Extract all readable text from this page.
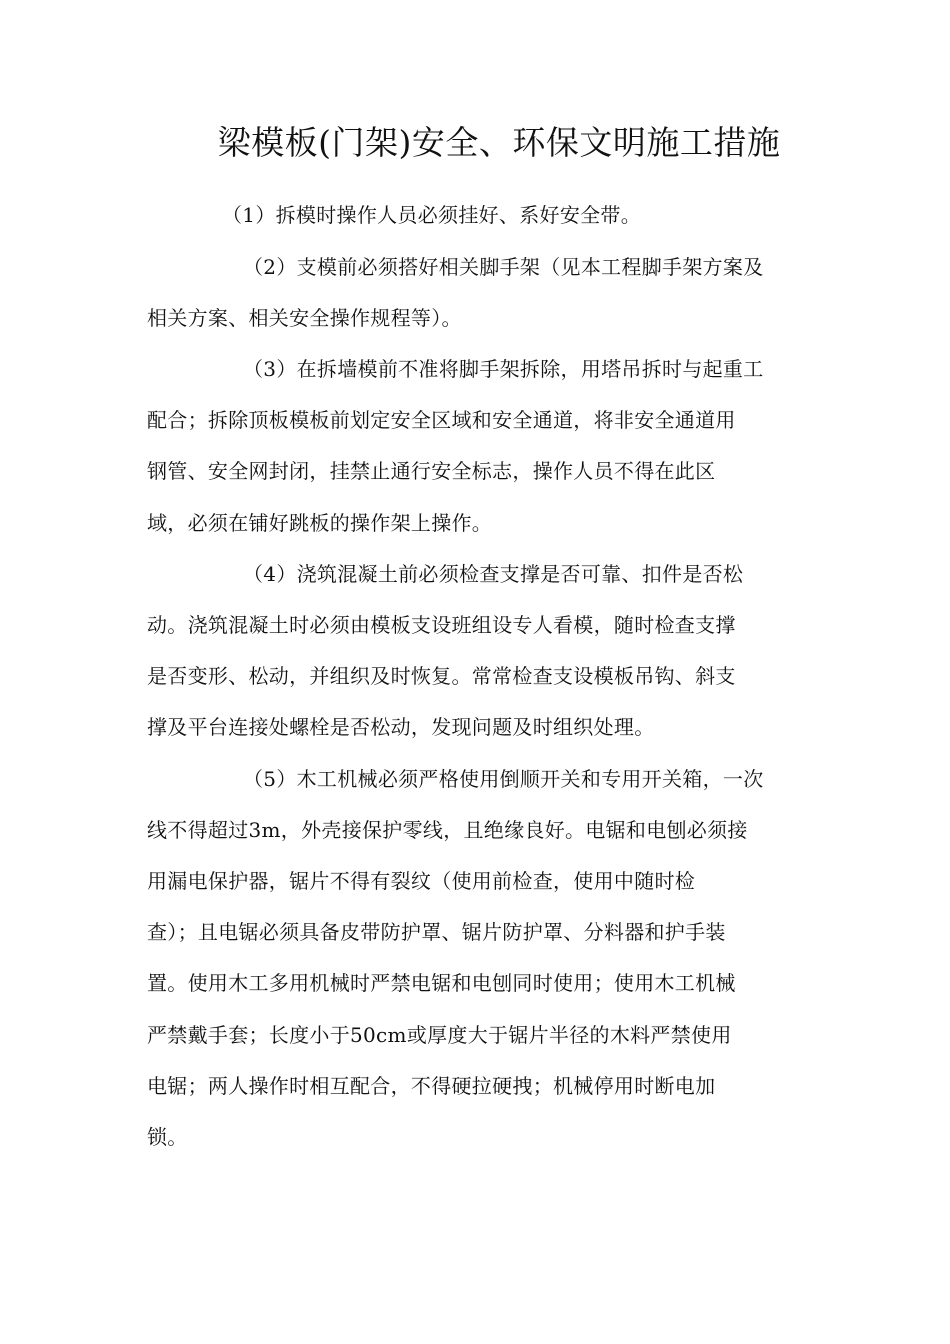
梁模板(门架)安全、环保文明施工措施
（1）拆模时操作人员必须挂好、系好安全带。
（2）支模前必须搭好相关脚手架（见本工程脚手架方案及
相关方案、相关安全操作规程等）。
（3）在拆墙模前不准将脚手架拆除，用塔吊拆时与起重工
配合；拆除顶板模板前划定安全区域和安全通道，将非安全通道用
钢管、安全网封闭，挂禁止通行安全标志，操作人员不得在此区
域，必须在铺好跳板的操作架上操作。
（4）浇筑混凝土前必须检查支撑是否可靠、扣件是否松
动。浇筑混凝土时必须由模板支设班组设专人看模，随时检查支撑
是否变形、松动，并组织及时恢复。常常检查支设模板吊钩、斜支
撑及平台连接处螺栓是否松动，发现问题及时组织处理。
（5）木工机械必须严格使用倒顺开关和专用开关箱，一次
线不得超过3m，外壳接保护零线，且绝缘良好。电锯和电刨必须接
用漏电保护器，锯片不得有裂纹（使用前检查，使用中随时检
查）；且电锯必须具备皮带防护罩、锯片防护罩、分料器和护手装
置。使用木工多用机械时严禁电锯和电刨同时使用；使用木工机械
严禁戴手套；长度小于50cm或厚度大于锯片半径的木料严禁使用
电锯；两人操作时相互配合，不得硬拉硬拽；机械停用时断电加
锁。
